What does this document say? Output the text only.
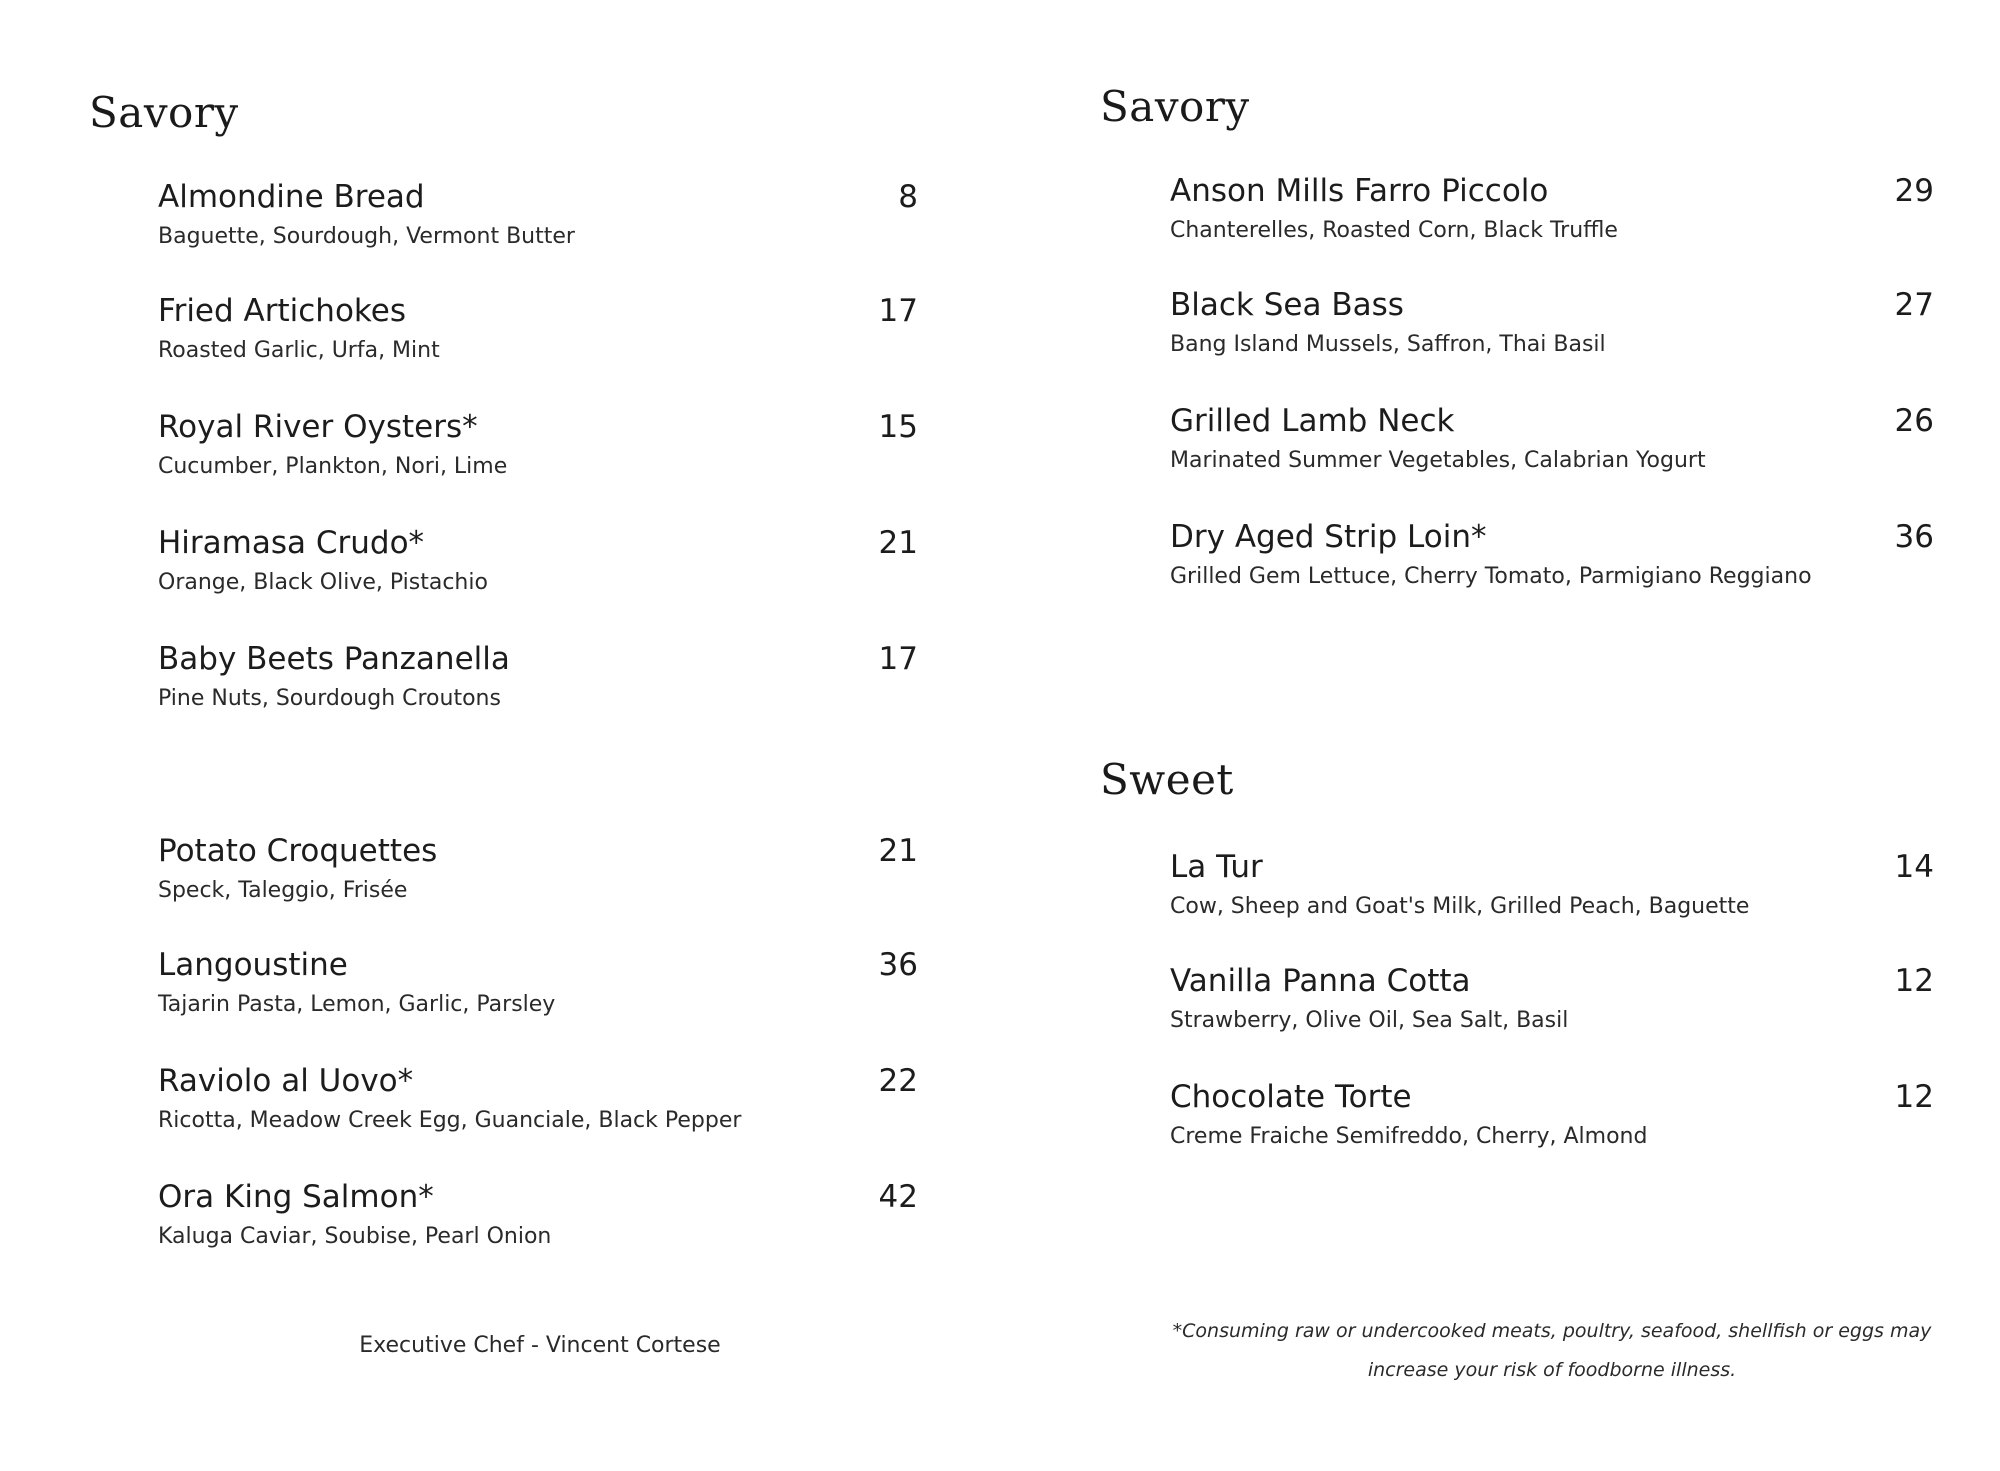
Savory
Almondine Bread	8
Baguette, Sourdough, Vermont Butter
Fried Artichokes	17
Roasted Garlic, Urfa, Mint
Royal River Oysters*	15
Cucumber, Plankton, Nori, Lime
Hiramasa Crudo*	21
Orange, Black Olive, Pistachio
Baby Beets Panzanella	17
Pine Nuts, Sourdough Croutons
Potato Croquettes	21
Speck, Taleggio, Frisée
Langoustine	36
Tajarin Pasta, Lemon, Garlic, Parsley
Raviolo al Uovo*	22
Ricotta, Meadow Creek Egg, Guanciale, Black Pepper
Ora King Salmon*	42
Kaluga Caviar, Soubise, Pearl Onion
Executive Chef - Vincent Cortese
Savory
Anson Mills Farro Piccolo	29
Chanterelles, Roasted Corn, Black Truffle
Black Sea Bass	27
Bang Island Mussels, Saffron, Thai Basil
Grilled Lamb Neck	26
Marinated Summer Vegetables, Calabrian Yogurt
Dry Aged Strip Loin*	36
Grilled Gem Lettuce, Cherry Tomato, Parmigiano Reggiano
Sweet
La Tur	14
Cow, Sheep and Goat's Milk, Grilled Peach, Baguette
Vanilla Panna Cotta	12
Strawberry, Olive Oil, Sea Salt, Basil
Chocolate Torte	12
Creme Fraiche Semifreddo, Cherry, Almond
*Consuming raw or undercooked meats, poultry, seafood, shellfish or eggs may
increase your risk of foodborne illness.
